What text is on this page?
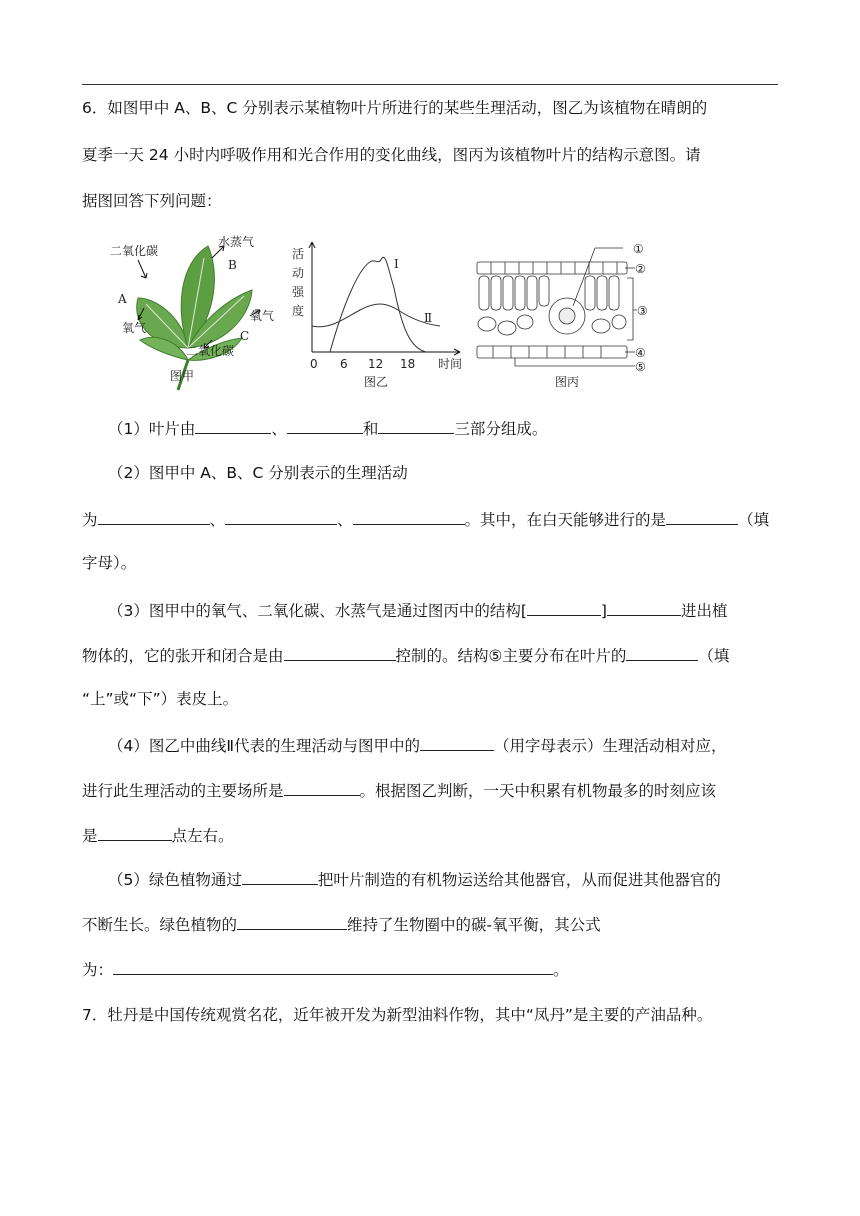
6．如图甲中 A、B、C 分别表示某植物叶片所进行的某些生理活动，图乙为该植物在晴朗的
夏季一天 24 小时内呼吸作用和光合作用的变化曲线，图丙为该植物叶片的结构示意图。请
据图回答下列问题：
二氧化碳
水蒸气
B
A
氧气
氧气
C
二氧化碳
图甲
活
动
强
度
I
Ⅱ
0 6 12 18 时间
图乙
①
②
③
④
⑤
图丙
（1）叶片由	、	和	三部分组成。
（2）图甲中 A、B、C 分别表示的生理活动
为	、	、	。其中，在白天能够进行的是	（填
字母）。
（3）图甲中的氧气、二氧化碳、水蒸气是通过图丙中的结构[	]	进出植
物体的，它的张开和闭合是由	控制的。结构⑤主要分布在叶片的	（填
“上”或“下”）表皮上。
（4）图乙中曲线Ⅱ代表的生理活动与图甲中的	（用字母表示）生理活动相对应，
进行此生理活动的主要场所是	。根据图乙判断，一天中积累有机物最多的时刻应该
是	点左右。
（5）绿色植物通过	把叶片制造的有机物运送给其他器官，从而促进其他器官的
不断生长。绿色植物的	维持了生物圈中的碳-氧平衡，其公式
为：	。
7．牡丹是中国传统观赏名花，近年被开发为新型油料作物，其中“凤丹”是主要的产油品种。
